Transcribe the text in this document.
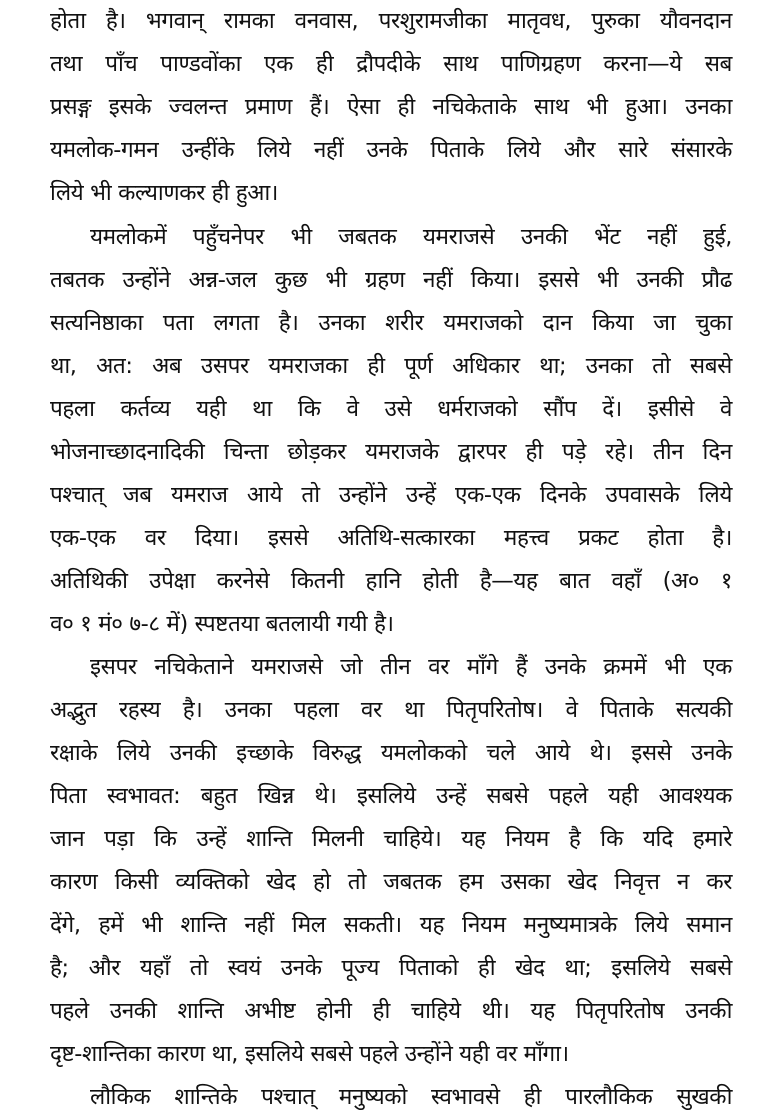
होता है। भगवान् रामका वनवास, परशुरामजीका मातृवध, पुरुका यौवनदान
तथा पाँच पाण्डवोंका एक ही द्रौपदीके साथ पाणिग्रहण करना—ये सब
प्रसङ्ग इसके ज्वलन्त प्रमाण हैं। ऐसा ही नचिकेताके साथ भी हुआ। उनका
यमलोक-गमन उन्हींके लिये नहीं उनके पिताके लिये और सारे संसारके
लिये भी कल्याणकर ही हुआ।
यमलोकमें पहुँचनेपर भी जबतक यमराजसे उनकी भेंट नहीं हुई,
तबतक उन्होंने अन्न-जल कुछ भी ग्रहण नहीं किया। इससे भी उनकी प्रौढ
सत्यनिष्ठाका पता लगता है। उनका शरीर यमराजको दान किया जा चुका
था, अत: अब उसपर यमराजका ही पूर्ण अधिकार था; उनका तो सबसे
पहला कर्तव्य यही था कि वे उसे धर्मराजको सौंप दें। इसीसे वे
भोजनाच्छादनादिकी चिन्ता छोड़कर यमराजके द्वारपर ही पड़े रहे। तीन दिन
पश्चात् जब यमराज आये तो उन्होंने उन्हें एक-एक दिनके उपवासके लिये
एक-एक वर दिया। इससे अतिथि-सत्कारका महत्त्व प्रकट होता है।
अतिथिकी उपेक्षा करनेसे कितनी हानि होती है—यह बात वहाँ (अ० १
व० १ मं० ७-८ में) स्पष्टतया बतलायी गयी है।
इसपर नचिकेताने यमराजसे जो तीन वर माँगे हैं उनके क्रममें भी एक
अद्भुत रहस्य है। उनका पहला वर था पितृपरितोष। वे पिताके सत्यकी
रक्षाके लिये उनकी इच्छाके विरुद्ध यमलोकको चले आये थे। इससे उनके
पिता स्वभावत: बहुत खिन्न थे। इसलिये उन्हें सबसे पहले यही आवश्यक
जान पड़ा कि उन्हें शान्ति मिलनी चाहिये। यह नियम है कि यदि हमारे
कारण किसी व्यक्तिको खेद हो तो जबतक हम उसका खेद निवृत्त न कर
देंगे, हमें भी शान्ति नहीं मिल सकती। यह नियम मनुष्यमात्रके लिये समान
है; और यहाँ तो स्वयं उनके पूज्य पिताको ही खेद था; इसलिये सबसे
पहले उनकी शान्ति अभीष्ट होनी ही चाहिये थी। यह पितृपरितोष उनकी
दृष्ट-शान्तिका कारण था, इसलिये सबसे पहले उन्होंने यही वर माँगा।
लौकिक शान्तिके पश्चात् मनुष्यको स्वभावसे ही पारलौकिक सुखकी
